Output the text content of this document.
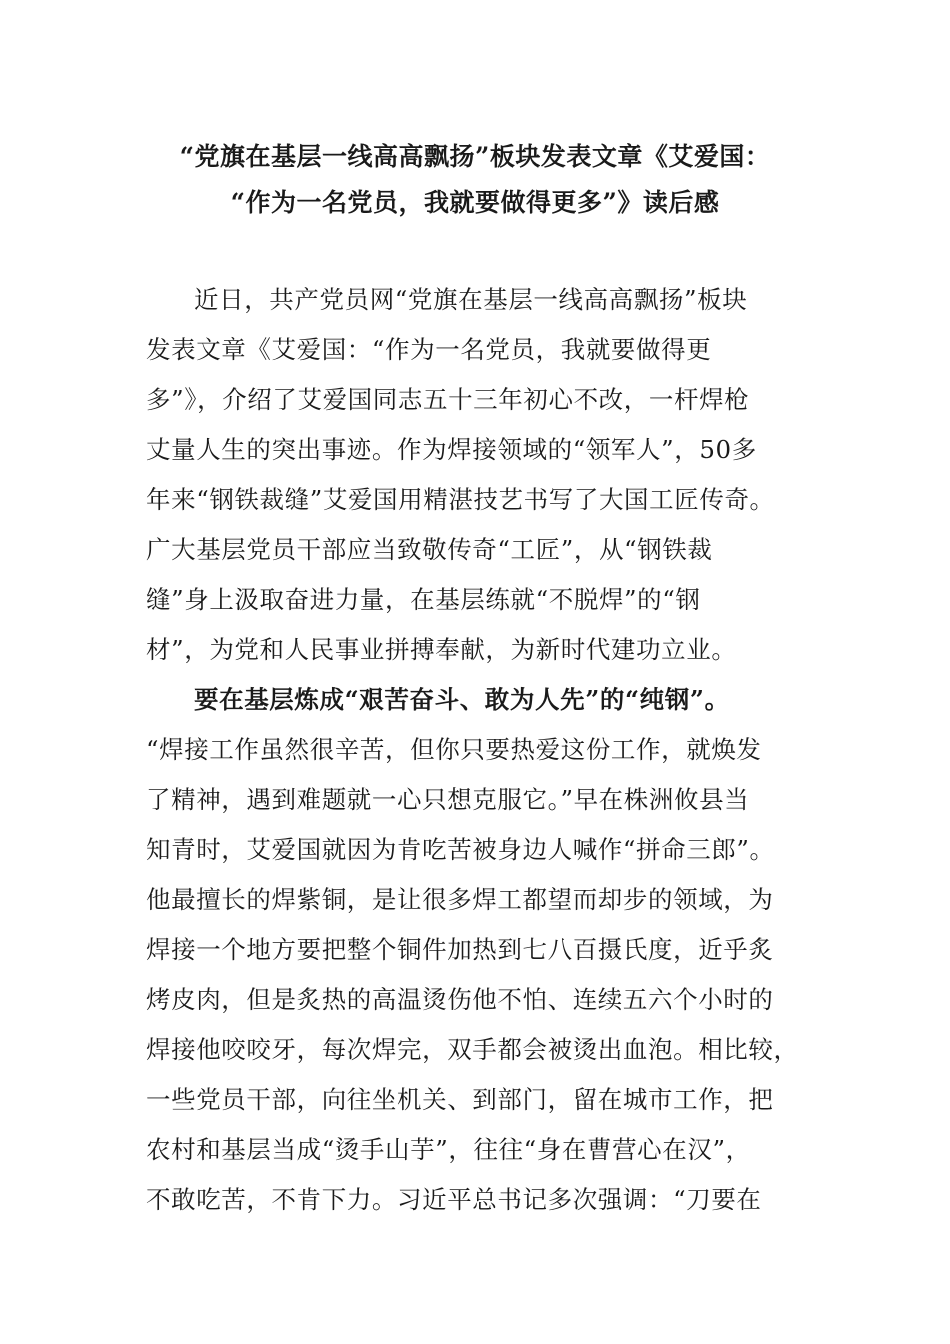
“党旗在基层一线高高飘扬”板块发表文章《艾爱国：
“作为一名党员，我就要做得更多”》读后感
近日，共产党员网“党旗在基层一线高高飘扬”板块
发表文章《艾爱国：“作为一名党员，我就要做得更
多”》，介绍了艾爱国同志五十三年初心不改，一杆焊枪
丈量人生的突出事迹。作为焊接领域的“领军人”，50多
年来“钢铁裁缝”艾爱国用精湛技艺书写了大国工匠传奇。
广大基层党员干部应当致敬传奇“工匠”，从“钢铁裁
缝”身上汲取奋进力量，在基层练就“不脱焊”的“钢
材”，为党和人民事业拼搏奉献，为新时代建功立业。
要在基层炼成“艰苦奋斗、敢为人先”的“纯钢”。
“焊接工作虽然很辛苦，但你只要热爱这份工作，就焕发
了精神，遇到难题就一心只想克服它。”早在株洲攸县当
知青时，艾爱国就因为肯吃苦被身边人喊作“拼命三郎”。
他最擅长的焊紫铜，是让很多焊工都望而却步的领域，为
焊接一个地方要把整个铜件加热到七八百摄氏度，近乎炙
烤皮肉，但是炙热的高温烫伤他不怕、连续五六个小时的
焊接他咬咬牙，每次焊完，双手都会被烫出血泡。相比较，
一些党员干部，向往坐机关、到部门，留在城市工作，把
农村和基层当成“烫手山芋”，往往“身在曹营心在汉”，
不敢吃苦，不肯下力。习近平总书记多次强调：“刀要在
